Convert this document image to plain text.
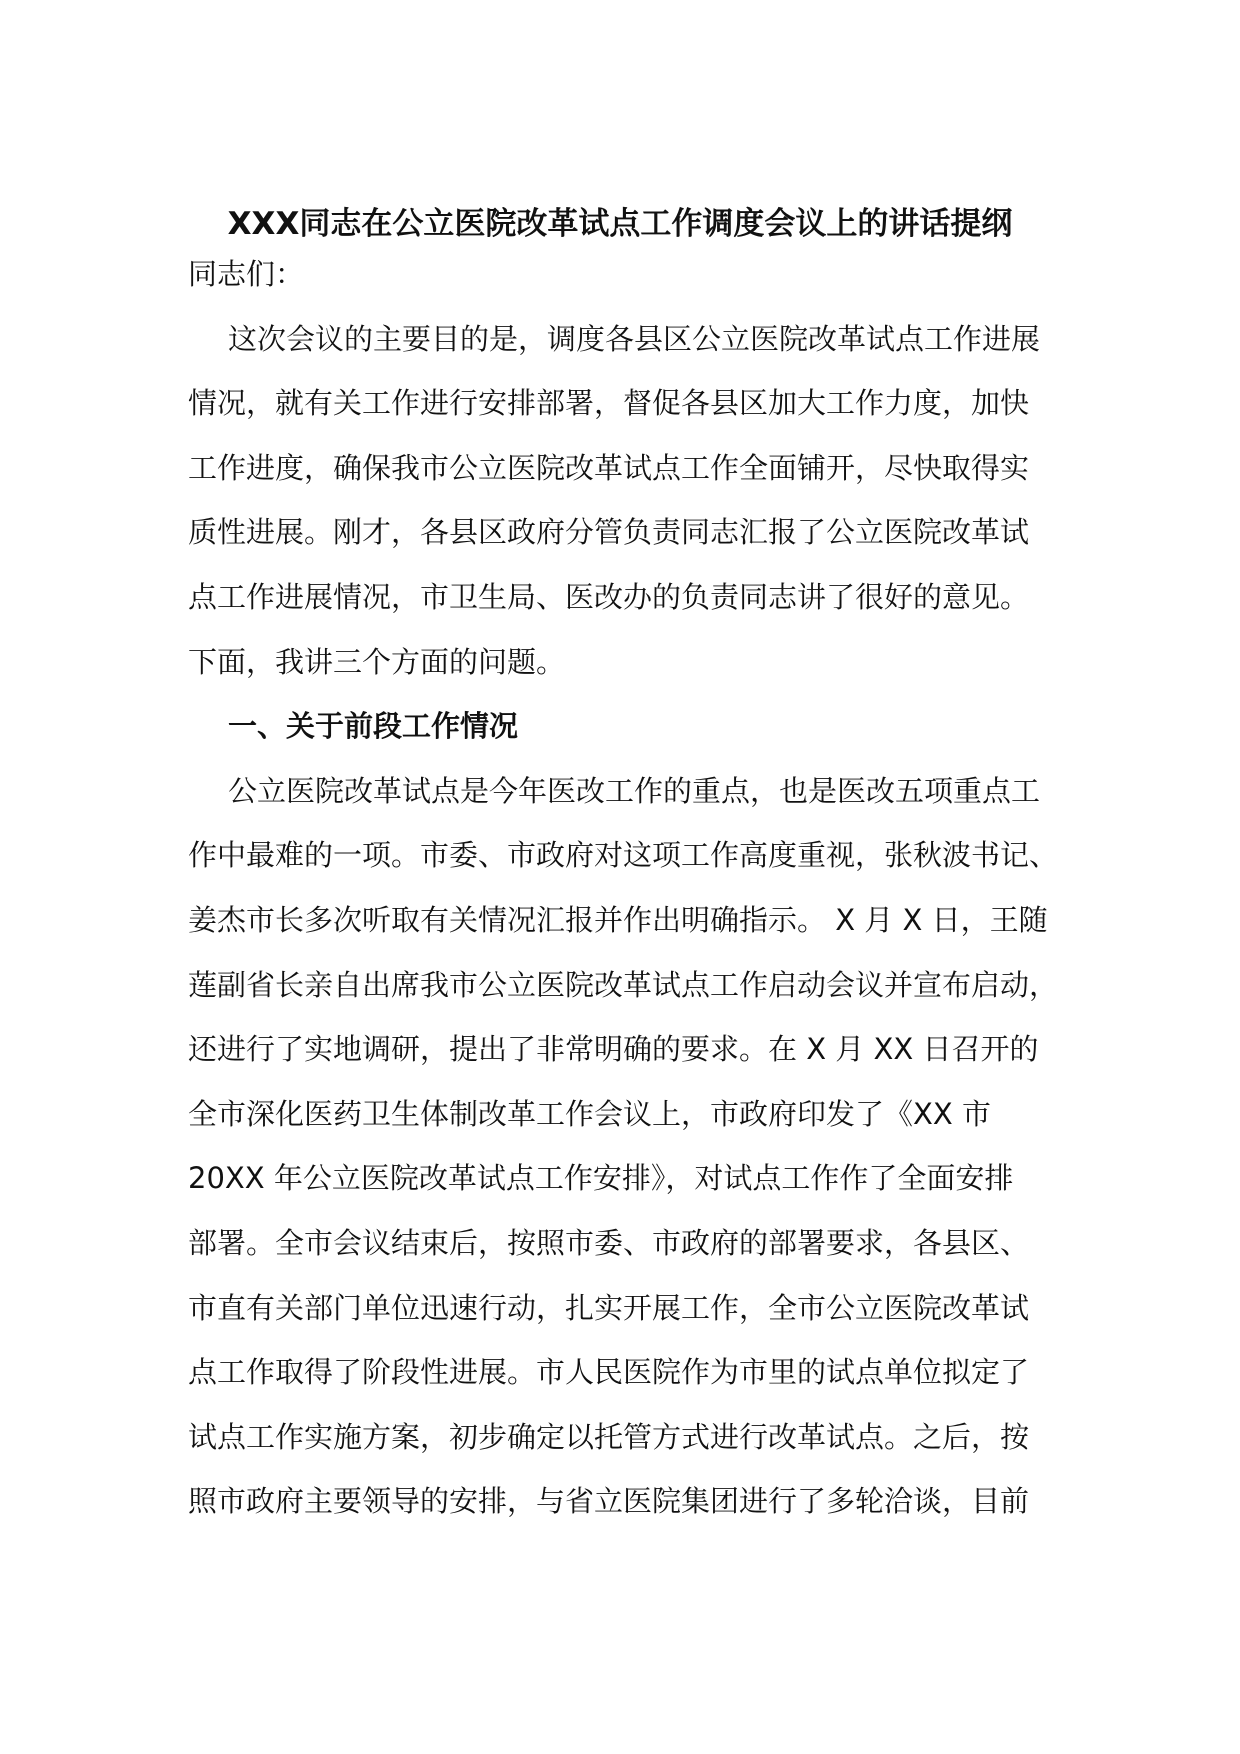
XXX同志在公立医院改革试点工作调度会议上的讲话提纲
同志们：
这次会议的主要目的是，调度各县区公立医院改革试点工作进展
情况，就有关工作进行安排部署，督促各县区加大工作力度，加快
工作进度，确保我市公立医院改革试点工作全面铺开，尽快取得实
质性进展。刚才，各县区政府分管负责同志汇报了公立医院改革试
点工作进展情况，市卫生局、医改办的负责同志讲了很好的意见。
下面，我讲三个方面的问题。
一、关于前段工作情况
公立医院改革试点是今年医改工作的重点，也是医改五项重点工
作中最难的一项。市委、市政府对这项工作高度重视，张秋波书记、
姜杰市长多次听取有关情况汇报并作出明确指示。 X 月 X 日，王随
莲副省长亲自出席我市公立医院改革试点工作启动会议并宣布启动，
还进行了实地调研，提出了非常明确的要求。在 X 月 XX 日召开的
全市深化医药卫生体制改革工作会议上，市政府印发了《XX 市
20XX 年公立医院改革试点工作安排》，对试点工作作了全面安排
部署。全市会议结束后，按照市委、市政府的部署要求，各县区、
市直有关部门单位迅速行动，扎实开展工作，全市公立医院改革试
点工作取得了阶段性进展。市人民医院作为市里的试点单位拟定了
试点工作实施方案，初步确定以托管方式进行改革试点。之后，按
照市政府主要领导的安排，与省立医院集团进行了多轮洽谈，目前
